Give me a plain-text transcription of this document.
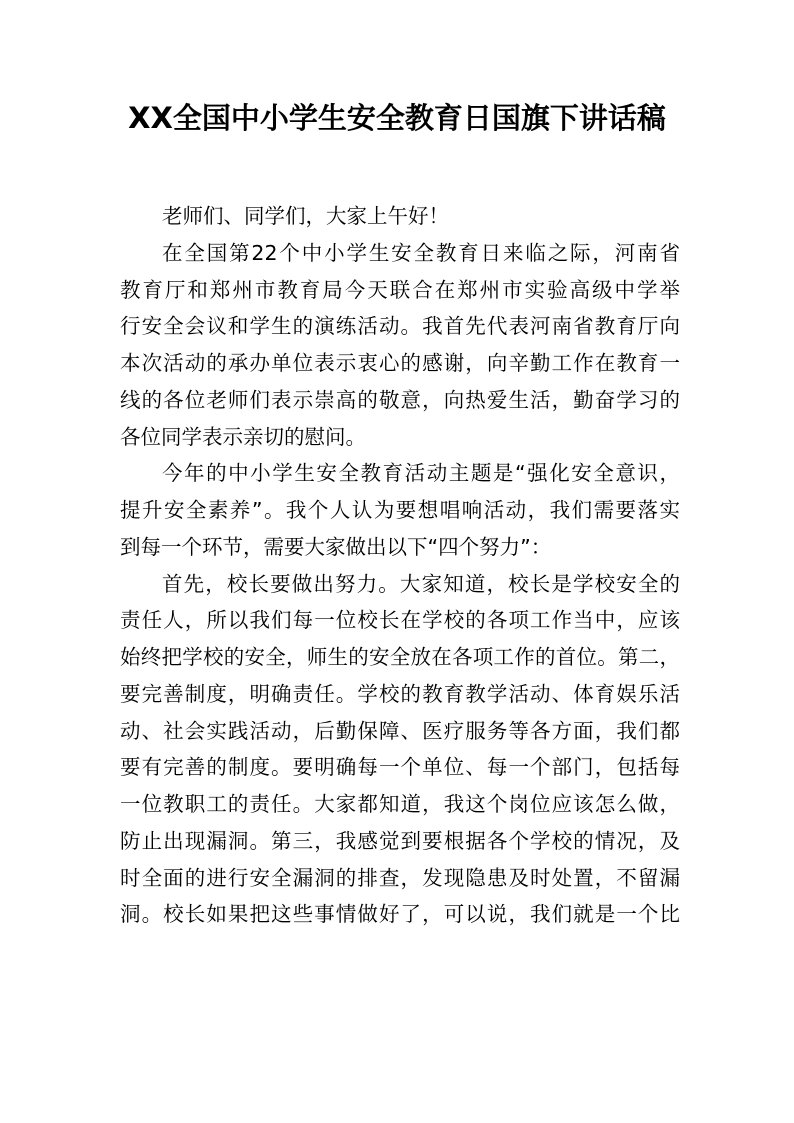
XX全国中小学生安全教育日国旗下讲话稿
老师们、同学们，大家上午好！
在全国第22个中小学生安全教育日来临之际，河南省
教育厅和郑州市教育局今天联合在郑州市实验高级中学举
行安全会议和学生的演练活动。我首先代表河南省教育厅向
本次活动的承办单位表示衷心的感谢，向辛勤工作在教育一
线的各位老师们表示崇高的敬意，向热爱生活，勤奋学习的
各位同学表示亲切的慰问。
今年的中小学生安全教育活动主题是“强化安全意识，
提升安全素养”。我个人认为要想唱响活动，我们需要落实
到每一个环节，需要大家做出以下“四个努力”：
首先，校长要做出努力。大家知道，校长是学校安全的
责任人，所以我们每一位校长在学校的各项工作当中，应该
始终把学校的安全，师生的安全放在各项工作的首位。第二，
要完善制度，明确责任。学校的教育教学活动、体育娱乐活
动、社会实践活动，后勤保障、医疗服务等各方面，我们都
要有完善的制度。要明确每一个单位、每一个部门，包括每
一位教职工的责任。大家都知道，我这个岗位应该怎么做，
防止出现漏洞。第三，我感觉到要根据各个学校的情况，及
时全面的进行安全漏洞的排查，发现隐患及时处置，不留漏
洞。校长如果把这些事情做好了，可以说，我们就是一个比
